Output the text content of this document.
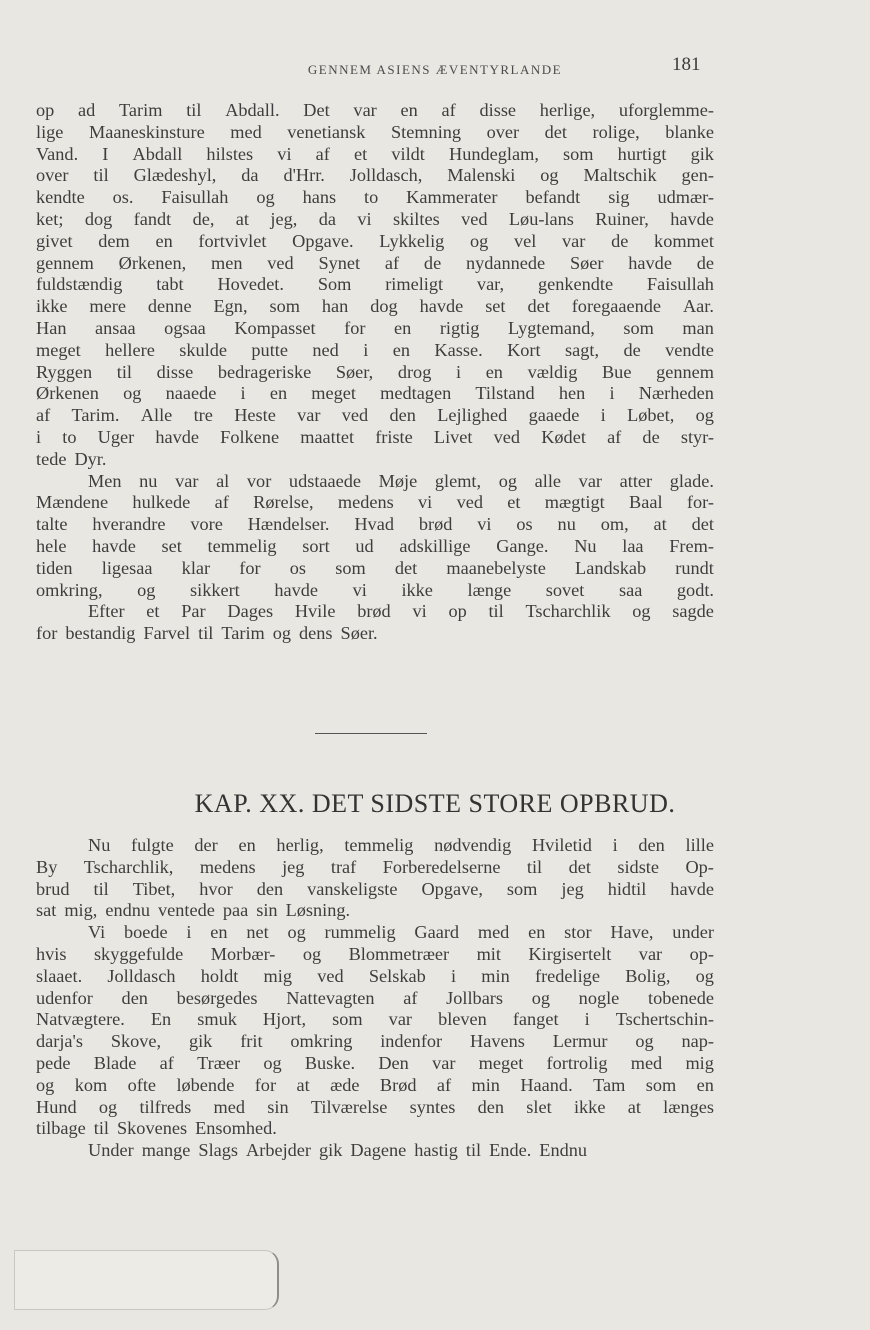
GENNEM ASIENS ÆVENTYRLANDE	181
op ad Tarim til Abdall. Det var en af disse herlige, uforglemme-
lige Maaneskinsture med venetiansk Stemning over det rolige, blanke
Vand. I Abdall hilstes vi af et vildt Hundeglam, som hurtigt gik
over til Glædeshyl, da d'Hrr. Jolldasch, Malenski og Maltschik gen-
kendte os. Faisullah og hans to Kammerater befandt sig udmær-
ket; dog fandt de, at jeg, da vi skiltes ved Løu-lans Ruiner, havde
givet dem en fortvivlet Opgave. Lykkelig og vel var de kommet
gennem Ørkenen, men ved Synet af de nydannede Søer havde de
fuldstændig tabt Hovedet. Som rimeligt var, genkendte Faisullah
ikke mere denne Egn, som han dog havde set det foregaaende Aar.
Han ansaa ogsaa Kompasset for en rigtig Lygtemand, som man
meget hellere skulde putte ned i en Kasse. Kort sagt, de vendte
Ryggen til disse bedrageriske Søer, drog i en vældig Bue gennem
Ørkenen og naaede i en meget medtagen Tilstand hen i Nærheden
af Tarim. Alle tre Heste var ved den Lejlighed gaaede i Løbet, og
i to Uger havde Folkene maattet friste Livet ved Kødet af de styr-
tede Dyr.
Men nu var al vor udstaaede Møje glemt, og alle var atter glade.
Mændene hulkede af Rørelse, medens vi ved et mægtigt Baal for-
talte hverandre vore Hændelser. Hvad brød vi os nu om, at det
hele havde set temmelig sort ud adskillige Gange. Nu laa Frem-
tiden ligesaa klar for os som det maanebelyste Landskab rundt
omkring, og sikkert havde vi ikke længe sovet saa godt.
Efter et Par Dages Hvile brød vi op til Tscharchlik og sagde
for bestandig Farvel til Tarim og dens Søer.
KAP. XX. DET SIDSTE STORE OPBRUD.
Nu fulgte der en herlig, temmelig nødvendig Hviletid i den lille
By Tscharchlik, medens jeg traf Forberedelserne til det sidste Op-
brud til Tibet, hvor den vanskeligste Opgave, som jeg hidtil havde
sat mig, endnu ventede paa sin Løsning.
Vi boede i en net og rummelig Gaard med en stor Have, under
hvis skyggefulde Morbær- og Blommetræer mit Kirgisertelt var op-
slaaet. Jolldasch holdt mig ved Selskab i min fredelige Bolig, og
udenfor den besørgedes Nattevagten af Jollbars og nogle tobenede
Natvægtere. En smuk Hjort, som var bleven fanget i Tschertschin-
darja's Skove, gik frit omkring indenfor Havens Lermur og nap-
pede Blade af Træer og Buske. Den var meget fortrolig med mig
og kom ofte løbende for at æde Brød af min Haand. Tam som en
Hund og tilfreds med sin Tilværelse syntes den slet ikke at længes
tilbage til Skovenes Ensomhed.
Under mange Slags Arbejder gik Dagene hastig til Ende. Endnu
